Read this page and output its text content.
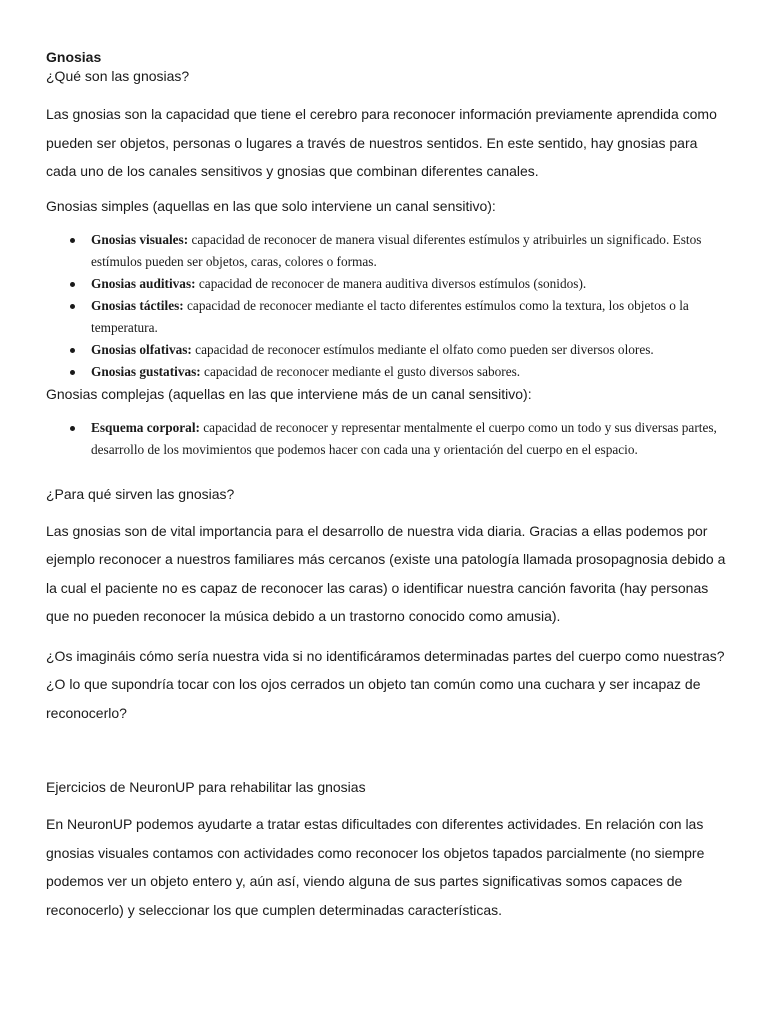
Gnosias

¿Qué son las gnosias?

Las gnosias son la capacidad que tiene el cerebro para reconocer información previamente aprendida como pueden ser objetos, personas o lugares a través de nuestros sentidos. En este sentido, hay gnosias para cada uno de los canales sensitivos y gnosias que combinan diferentes canales.

Gnosias simples (aquellas en las que solo interviene un canal sensitivo):

Gnosias visuales: capacidad de reconocer de manera visual diferentes estímulos y atribuirles un significado. Estos estímulos pueden ser objetos, caras, colores o formas.
Gnosias auditivas: capacidad de reconocer de manera auditiva diversos estímulos (sonidos).
Gnosias táctiles: capacidad de reconocer mediante el tacto diferentes estímulos como la textura, los objetos o la temperatura.
Gnosias olfativas: capacidad de reconocer estímulos mediante el olfato como pueden ser diversos olores.
Gnosias gustativas: capacidad de reconocer mediante el gusto diversos sabores.

Gnosias complejas (aquellas en las que interviene más de un canal sensitivo):

Esquema corporal: capacidad de reconocer y representar mentalmente el cuerpo como un todo y sus diversas partes, desarrollo de los movimientos que podemos hacer con cada una y orientación del cuerpo en el espacio.

¿Para qué sirven las gnosias?

Las gnosias son de vital importancia para el desarrollo de nuestra vida diaria. Gracias a ellas podemos por ejemplo reconocer a nuestros familiares más cercanos (existe una patología llamada prosopagnosia debido a la cual el paciente no es capaz de reconocer las caras) o identificar nuestra canción favorita (hay personas que no pueden reconocer la música debido a un trastorno conocido como amusia).

¿Os imagináis cómo sería nuestra vida si no identificáramos determinadas partes del cuerpo como nuestras? ¿O lo que supondría tocar con los ojos cerrados un objeto tan común como una cuchara y ser incapaz de reconocerlo?

Ejercicios de NeuronUP para rehabilitar las gnosias

En NeuronUP podemos ayudarte a tratar estas dificultades con diferentes actividades. En relación con las gnosias visuales contamos con actividades como reconocer los objetos tapados parcialmente (no siempre podemos ver un objeto entero y, aún así, viendo alguna de sus partes significativas somos capaces de reconocerlo) y seleccionar los que cumplen determinadas características.
